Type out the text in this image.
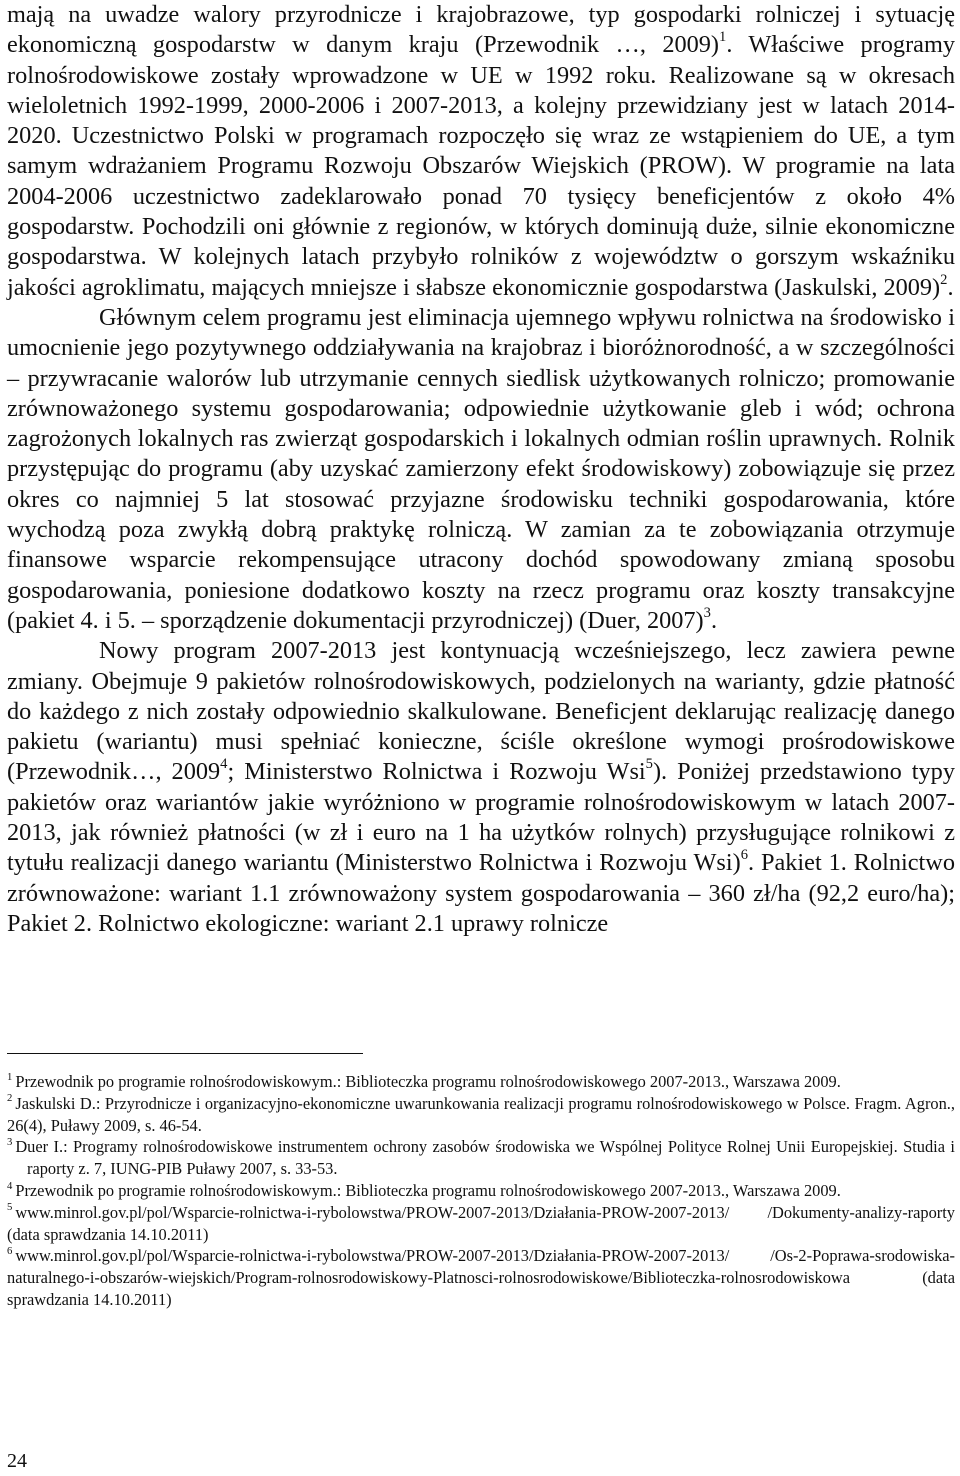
mają na uwadze walory przyrodnicze i krajobrazowe, typ gospodarki rolniczej i sytuację ekonomiczną gospodarstw w danym kraju (Przewodnik …, 2009)$^1$. Właściwe programy rolnośrodowiskowe zostały wprowadzone w UE w 1992 roku. Realizowane są w okresach wieloletnich 1992-1999, 2000-2006 i 2007-2013, a kolejny przewidziany jest w latach 2014-2020. Uczestnictwo Polski w programach rozpoczęło się wraz ze wstąpieniem do UE, a tym samym wdrażaniem Programu Rozwoju Obszarów Wiejskich (PROW). W programie na lata 2004-2006 uczestnictwo zadeklarowało ponad 70 tysięcy beneficjentów z około 4% gospodarstw. Pochodzili oni głównie z regionów, w których dominują duże, silnie ekonomiczne gospodarstwa. W kolejnych latach przybyło rolników z województw o gorszym wskaźniku jakości agroklimatu, mających mniejsze i słabsze ekonomicznie gospodarstwa (Jaskulski, 2009)$^2$.

Głównym celem programu jest eliminacja ujemnego wpływu rolnictwa na środowisko i umocnienie jego pozytywnego oddziaływania na krajobraz i bioróżnorodność, a w szczególności – przywracanie walorów lub utrzymanie cennych siedlisk użytkowanych rolniczo; promowanie zrównoważonego systemu gospodarowania; odpowiednie użytkowanie gleb i wód; ochrona zagrożonych lokalnych ras zwierząt gospodarskich i lokalnych odmian roślin uprawnych. Rolnik przystępując do programu (aby uzyskać zamierzony efekt środowiskowy) zobowiązuje się przez okres co najmniej 5 lat stosować przyjazne środowisku techniki gospodarowania, które wychodzą poza zwykłą dobrą praktykę rolniczą. W zamian za te zobowiązania otrzymuje finansowe wsparcie rekompensujące utracony dochód spowodowany zmianą sposobu gospodarowania, poniesione dodatkowo koszty na rzecz programu oraz koszty transakcyjne (pakiet 4. i 5. – sporządzenie dokumentacji przyrodniczej) (Duer, 2007)$^3$.

Nowy program 2007-2013 jest kontynuacją wcześniejszego, lecz zawiera pewne zmiany. Obejmuje 9 pakietów rolnośrodowiskowych, podzielonych na warianty, gdzie płatność do każdego z nich zostały odpowiednio skalkulowane. Beneficjent deklarując realizację danego pakietu (wariantu) musi spełniać konieczne, ściśle określone wymogi prośrodowiskowe (Przewodnik…, 2009$^4$; Ministerstwo Rolnictwa i Rozwoju Wsi$^5$). Poniżej przedstawiono typy pakietów oraz wariantów jakie wyróżniono w programie rolnośrodowiskowym w latach 2007-2013, jak również płatności (w zł i euro na 1 ha użytków rolnych) przysługujące rolnikowi z tytułu realizacji danego wariantu (Ministerstwo Rolnictwa i Rozwoju Wsi)$^6$. Pakiet 1. Rolnictwo zrównoważone: wariant 1.1 zrównoważony system gospodarowania – 360 zł/ha (92,2 euro/ha); Pakiet 2. Rolnictwo ekologiczne: wariant 2.1 uprawy rolnicze

$^1$ Przewodnik po programie rolnośrodowiskowym.: Biblioteczka programu rolnośrodowiskowego 2007-2013., Warszawa 2009.

$^2$ Jaskulski D.: Przyrodnicze i organizacyjno-ekonomiczne uwarunkowania realizacji programu rolnośrodowiskowego w Polsce. Fragm. Agron., 26(4), Puławy 2009, s. 46-54.

$^3$ Duer I.: Programy rolnośrodowiskowe instrumentem ochrony zasobów środowiska we Wspólnej Polityce Rolnej Unii Europejskiej. Studia i raporty z. 7, IUNG-PIB Puławy 2007, s. 33-53.

$^4$ Przewodnik po programie rolnośrodowiskowym.: Biblioteczka programu rolnośrodowiskowego 2007-2013., Warszawa 2009.

$^5$ www.minrol.gov.pl/pol/Wsparcie-rolnictwa-i-rybolowstwa/PROW-2007-2013/Działania-PROW-2007-2013/ /Dokumenty-analizy-raporty (data sprawdzania 14.10.2011)

$^6$ www.minrol.gov.pl/pol/Wsparcie-rolnictwa-i-rybolowstwa/PROW-2007-2013/Działania-PROW-2007-2013/ /Os-2-Poprawa-srodowiska-naturalnego-i-obszarów-wiejskich/Program-rolnosrodowiskowy-Platnosci-rolnosrodowiskowe/Biblioteczka-rolnosrodowiskowa (data sprawdzania 14.10.2011)

24
